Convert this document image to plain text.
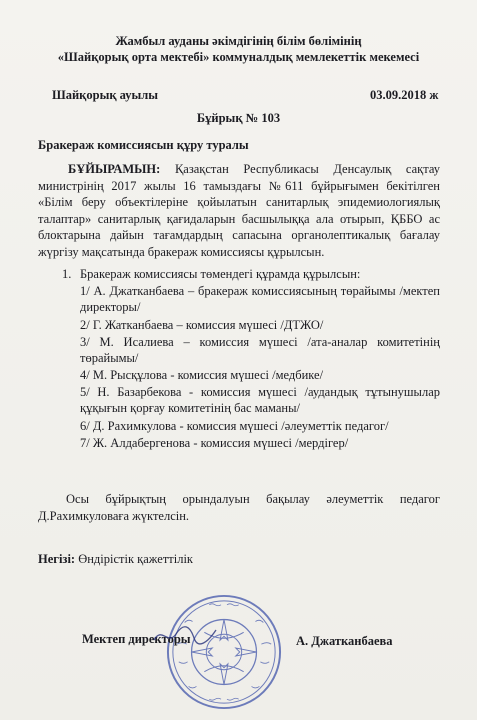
Жамбыл ауданы әкімдігінің білім бөлімінің
«Шайқорық орта мектебі» коммуналдық мемлекеттік мекемесі
Шайқорық ауылы	03.09.2018 ж
Бұйрық № 103
Бракераж комиссиясын құру туралы
БҰЙЫРАМЫН: Қазақстан Республикасы Денсаулық сақтау министрінің 2017 жылы 16 тамыздағы №611 бұйрығымен бекітілген «Білім беру объектілеріне қойылатын санитарлық эпидемиологиялық талаптар» санитарлық қағидаларын басшылыққа ала отырып, ҚББО ас блоктарына дайын тағамдардың сапасына органолептикалық бағалау жүргізу мақсатында бракераж комиссиясы құрылсын.
1. Бракераж комиссиясы төмендегі құрамда құрылсын:
1/ А. Джатканбаева – бракераж комиссиясының төрайымы /мектеп директоры/
2/ Г. Жатканбаева – комиссия мүшесі /ДТЖО/
3/ М. Исалиева – комиссия мүшесі /ата-аналар комитетінің төрайымы/
4/ М. Рысқұлова - комиссия мүшесі /медбике/
5/ Н. Базарбекова - комиссия мүшесі /аудандық тұтынушылар құқығын қорғау комитетінің бас маманы/
6/ Д. Рахимкулова - комиссия мүшесі /әлеуметтік педагог/
7/ Ж. Алдабергенова - комиссия мүшесі /мердігер/
Осы бұйрықтың орындалуын бақылау әлеуметтік педагог Д.Рахимкуловаға жүктелсін.
Негізі: Өндірістік қажеттілік
Мектеп директоры	А. Джатканбаева
